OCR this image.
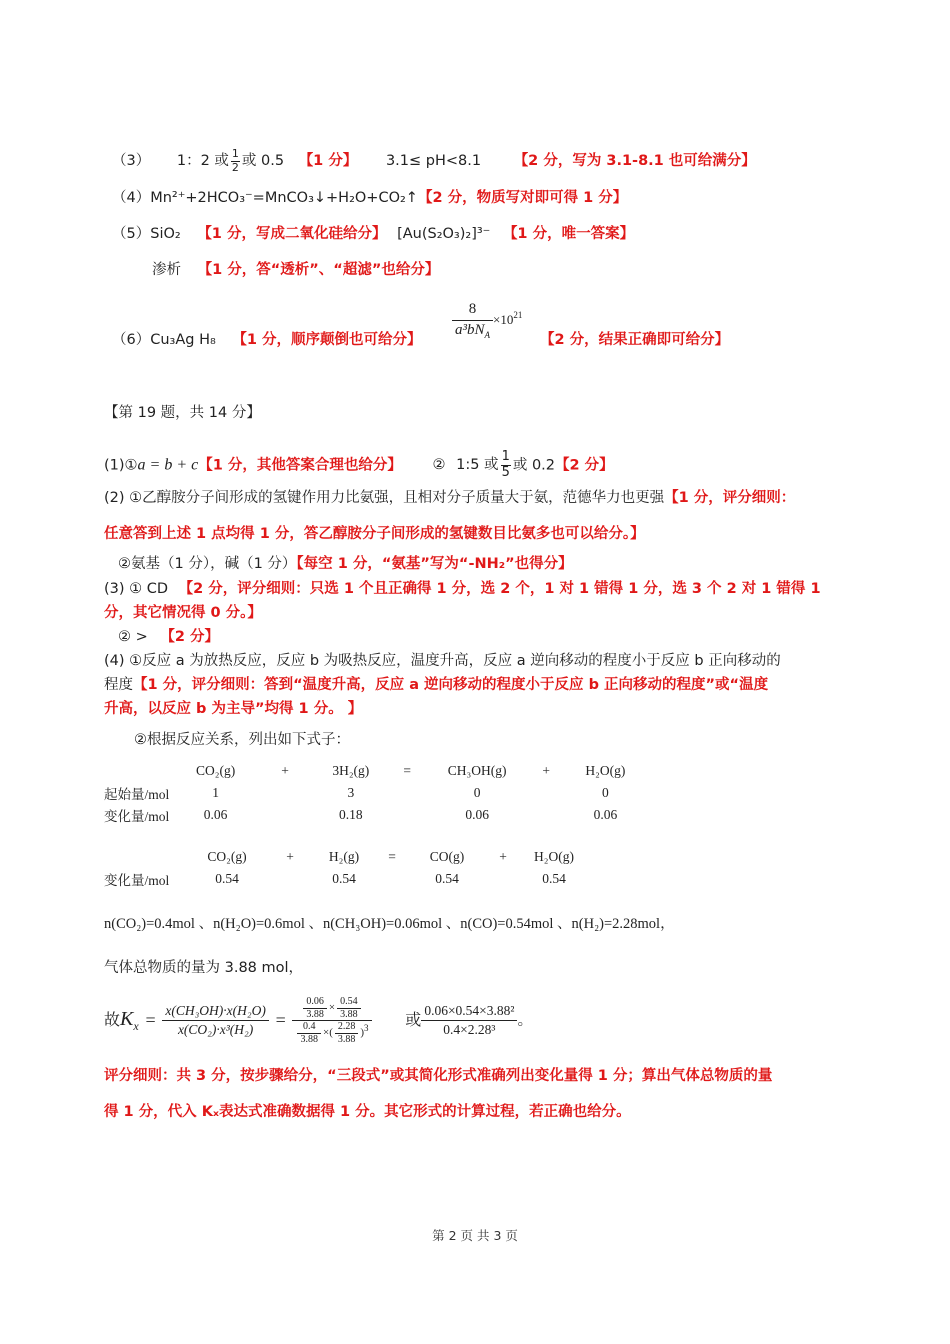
（3） 1：2 或 $\frac{1}{2}$ 或 0.5 【1 分】 3.1≤ pH<8.1 【2 分，写为 3.1-8.1 也可给满分】
（4）Mn²⁺+2HCO₃⁻=MnCO₃↓+H₂O+CO₂↑【2 分，物质写对即可得 1 分】
（5）SiO₂ 【1 分，写成二氧化硅给分】 [Au(S₂O₃)₂]³⁻ 【1 分，唯一答案】
渗析 【1 分，答“透析”、“超滤”也给分】
（6）Cu₃Ag H₈ 【1 分，顺序颠倒也可给分】 $\frac{8}{a^3bN_A} \times 10^{21}$
【2 分，结果正确即可给分】
【第 19 题，共 14 分】
(1)①a = b + c【1 分，其他答案合理也给分】 ② 1:5 或 $\frac{1}{5}$ 或 0.2【2 分】
(2) ①乙醇胺分子间形成的氢键作用力比氨强，且相对分子质量大于氨，范德华力也更强【1 分，评分细则：
任意答到上述 1 点均得 1 分，答乙醇胺分子间形成的氢键数目比氨多也可以给分。】
②氨基（1 分），碱（1 分）【每空 1 分，“氨基”写为“-NH₂”也得分】
(3) ① CD 【2 分，评分细则：只选 1 个且正确得 1 分，选 2 个，1 对 1 错得 1 分，选 3 个 2 对 1 错得 1
分，其它情况得 0 分。】
② > 【2 分】
(4) ①反应 a 为放热反应，反应 b 为吸热反应，温度升高，反应 a 逆向移动的程度小于反应 b 正向移动的
程度【1 分，评分细则：答到“温度升高，反应 a 逆向移动的程度小于反应 b 正向移动的程度”或“温度
升高，以反应 b 为主导”均得 1 分。 】
②根据反应关系，列出如下式子：
	CO₂(g)	+	3H₂(g)	=	CH₃OH(g)	+	H₂O(g)
起始量/mol	1		3		0		0
变化量/mol	0.06		0.18		0.06		0.06
	CO₂(g)	+	H₂(g)	=	CO(g)	+	H₂O(g)
变化量/mol	0.54		0.54		0.54		0.54
n(CO₂)=0.4mol 、n(H₂O)=0.6mol 、n(CH₃OH)=0.06mol 、n(CO)=0.54mol 、n(H₂)=2.28mol，
气体总物质的量为 3.88 mol，
故$K_x = \frac{\text{x(CH₃OH)·x(H₂O)}}{\text{x(CO₂)·x³(H₂)}} = \frac{\frac{0.06}{3.88} \times \frac{0.54}{3.88}}{\frac{0.4}{3.88} \times( \frac{2.28}{3.88} )^3}$ 或 $\frac{\text{0.06×0.54×3.88²}}{\text{0.4×2.28³}}$ 。
评分细则：共 3 分，按步骤给分，“三段式”或其简化形式准确列出变化量得 1 分；算出气体总物质的量
得 1 分，代入 Kₓ表达式准确数据得 1 分。其它形式的计算过程，若正确也给分。
第 2 页 共 3 页
